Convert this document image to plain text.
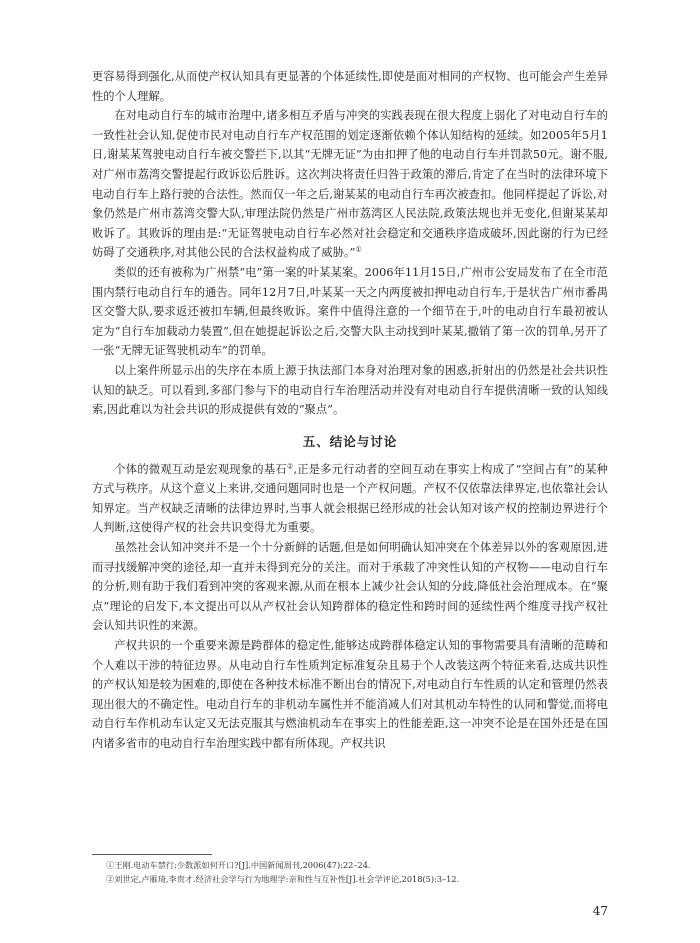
更容易得到强化,从而使产权认知具有更显著的个体延续性,即使是面对相同的产权物、也可能会产生差异性的个人理解。

在对电动自行车的城市治理中,诸多相互矛盾与冲突的实践表现在很大程度上弱化了对电动自行车的一致性社会认知,促使市民对电动自行车产权范围的划定逐渐依赖个体认知结构的延续。如2005年5月1日,谢某某驾驶电动自行车被交警拦下,以其“无牌无证”为由扣押了他的电动自行车并罚款50元。谢不服,对广州市荔湾交警提起行政诉讼后胜诉。这次判决将责任归咎于政策的滞后,肯定了在当时的法律环境下电动自行车上路行驶的合法性。然而仅一年之后,谢某某的电动自行车再次被查扣。他同样提起了诉讼,对象仍然是广州市荔湾交警大队,审理法院仍然是广州市荔湾区人民法院,政策法规也并无变化,但谢某某却败诉了。其败诉的理由是:“无证驾驶电动自行车必然对社会稳定和交通秩序造成破坏,因此谢的行为已经妨碍了交通秩序,对其他公民的合法权益构成了威胁。”①

类似的还有被称为广州禁“电”第一案的叶某某案。2006年11月15日,广州市公安局发布了在全市范围内禁行电动自行车的通告。同年12月7日,叶某某一天之内两度被扣押电动自行车,于是状告广州市番禺区交警大队,要求返还被扣车辆,但最终败诉。案件中值得注意的一个细节在于,叶的电动自行车最初被认定为“自行车加载动力装置”,但在她提起诉讼之后,交警大队主动找到叶某某,撤销了第一次的罚单,另开了一张“无牌无证驾驶机动车”的罚单。

以上案件所显示出的失序在本质上源于执法部门本身对治理对象的困惑,折射出的仍然是社会共识性认知的缺乏。可以看到,多部门参与下的电动自行车治理活动并没有对电动自行车提供清晰一致的认知线索,因此难以为社会共识的形成提供有效的“聚点”。

五、结论与讨论

个体的微观互动是宏观现象的基石②,正是多元行动者的空间互动在事实上构成了“空间占有”的某种方式与秩序。从这个意义上来讲,交通问题同时也是一个产权问题。产权不仅依靠法律界定,也依靠社会认知界定。当产权缺乏清晰的法律边界时,当事人就会根据已经形成的社会认知对该产权的控制边界进行个人判断,这使得产权的社会共识变得尤为重要。

虽然社会认知冲突并不是一个十分新鲜的话题,但是如何明确认知冲突在个体差异以外的客观原因,进而寻找缓解冲突的途径,却一直并未得到充分的关注。而对于承载了冲突性认知的产权物——电动自行车的分析,则有助于我们看到冲突的客观来源,从而在根本上减少社会认知的分歧,降低社会治理成本。在“聚点”理论的启发下,本文提出可以从产权社会认知跨群体的稳定性和跨时间的延续性两个维度寻找产权社会认知共识性的来源。

产权共识的一个重要来源是跨群体的稳定性,能够达成跨群体稳定认知的事物需要具有清晰的范畴和个人难以干涉的特征边界。从电动自行车性质判定标准复杂且易于个人改装这两个特征来看,达成共识性的产权认知是较为困难的,即使在各种技术标准不断出台的情况下,对电动自行车性质的认定和管理仍然表现出很大的不确定性。电动自行车的非机动车属性并不能消减人们对其机动车特性的认同和警觉,而将电动自行车作机动车认定又无法克服其与燃油机动车在事实上的性能差距,这一冲突不论是在国外还是在国内诸多省市的电动自行车治理实践中都有所体现。产权共识

①王刚.电动车禁行:少数派如何开口?[J].中国新闻周刊,2006(47):22–24.

②刘世定,卢雁琦,李贵才.经济社会学与行为地理学:亲和性与互补性[J].社会学评论,2018(5):3–12.

47
